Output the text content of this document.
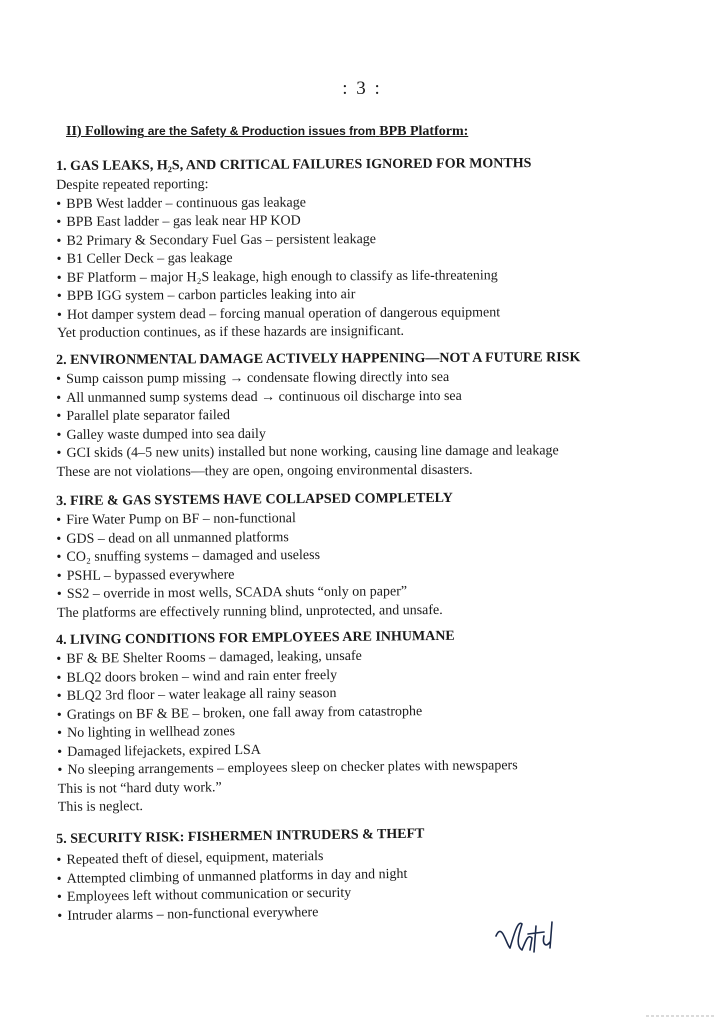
: 3 :
II) Following are the Safety & Production issues from BPB Platform:
1. GAS LEAKS, H₂S, AND CRITICAL FAILURES IGNORED FOR MONTHS
Despite repeated reporting:
• BPB West ladder – continuous gas leakage
• BPB East ladder – gas leak near HP KOD
• B2 Primary & Secondary Fuel Gas – persistent leakage
• B1 Celler Deck – gas leakage
• BF Platform – major H₂S leakage, high enough to classify as life-threatening
• BPB IGG system – carbon particles leaking into air
• Hot damper system dead – forcing manual operation of dangerous equipment
Yet production continues, as if these hazards are insignificant.
2. ENVIRONMENTAL DAMAGE ACTIVELY HAPPENING—NOT A FUTURE RISK
• Sump caisson pump missing → condensate flowing directly into sea
• All unmanned sump systems dead → continuous oil discharge into sea
• Parallel plate separator failed
• Galley waste dumped into sea daily
• GCI skids (4–5 new units) installed but none working, causing line damage and leakage
These are not violations—they are open, ongoing environmental disasters.
3. FIRE & GAS SYSTEMS HAVE COLLAPSED COMPLETELY
• Fire Water Pump on BF – non-functional
• GDS – dead on all unmanned platforms
• CO₂ snuffing systems – damaged and useless
• PSHL – bypassed everywhere
• SS2 – override in most wells, SCADA shuts “only on paper”
The platforms are effectively running blind, unprotected, and unsafe.
4. LIVING CONDITIONS FOR EMPLOYEES ARE INHUMANE
• BF & BE Shelter Rooms – damaged, leaking, unsafe
• BLQ2 doors broken – wind and rain enter freely
• BLQ2 3rd floor – water leakage all rainy season
• Gratings on BF & BE – broken, one fall away from catastrophe
• No lighting in wellhead zones
• Damaged lifejackets, expired LSA
• No sleeping arrangements – employees sleep on checker plates with newspapers
This is not “hard duty work.”
This is neglect.
5. SECURITY RISK: FISHERMEN INTRUDERS & THEFT
• Repeated theft of diesel, equipment, materials
• Attempted climbing of unmanned platforms in day and night
• Employees left without communication or security
• Intruder alarms – non-functional everywhere
